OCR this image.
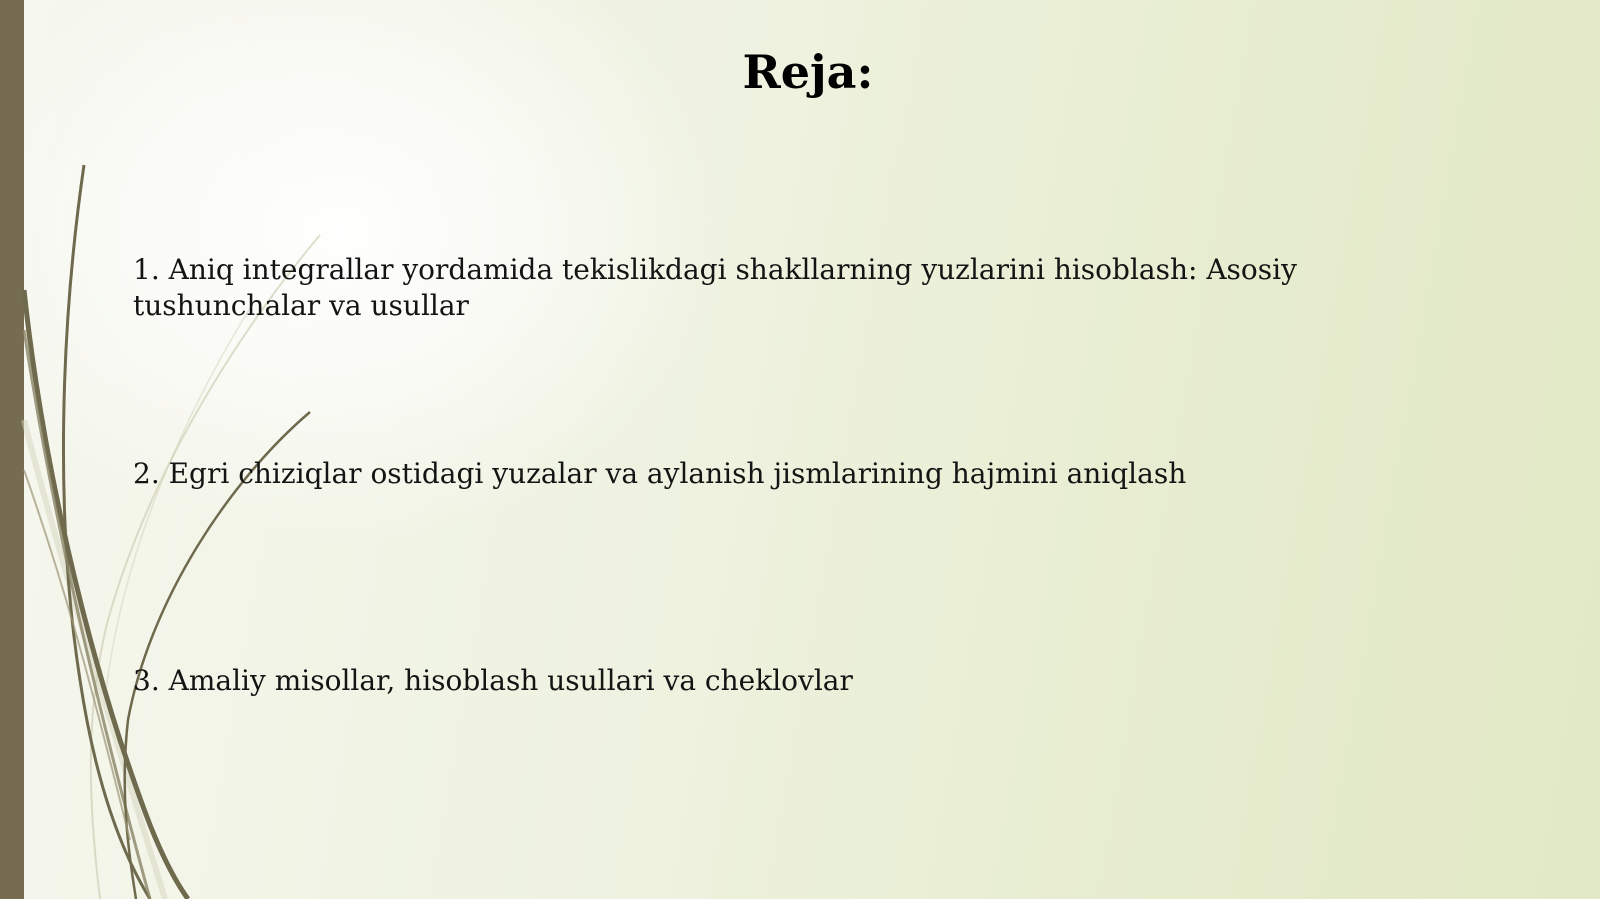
Reja:
1. Aniq integrallar yordamida tekislikdagi shakllarning yuzlarini hisoblash: Asosiy tushunchalar va usullar
2. Egri chiziqlar ostidagi yuzalar va aylanish jismlarining hajmini aniqlash
3. Amaliy misollar, hisoblash usullari va cheklovlar
